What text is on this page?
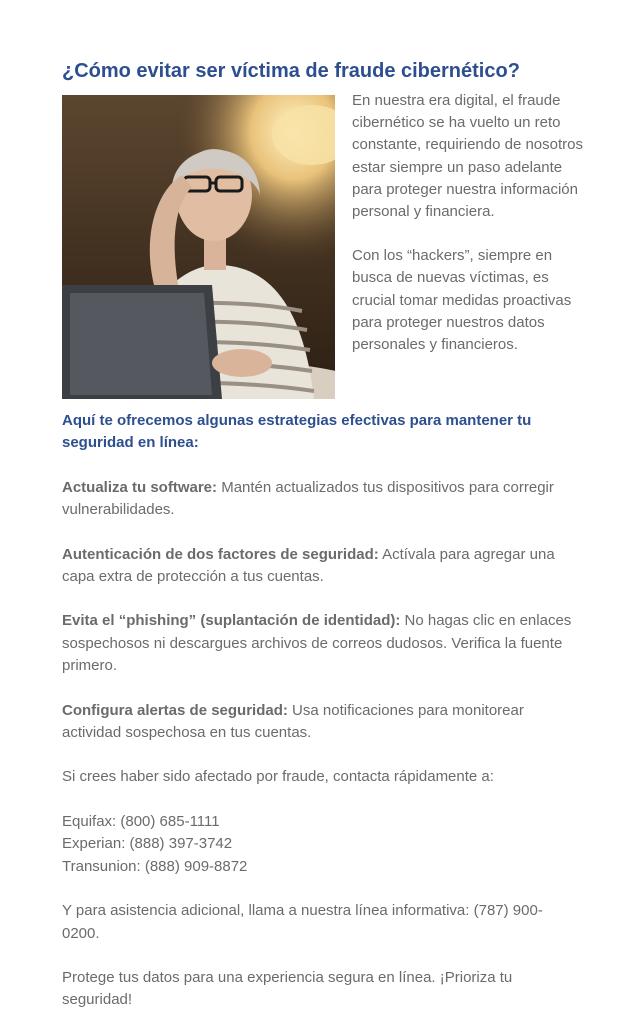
¿Cómo evitar ser víctima de fraude cibernético?

En nuestra era digital, el fraude cibernético se ha vuelto un reto constante, requiriendo de nosotros estar siempre un paso adelante para proteger nuestra información personal y financiera.

Con los “hackers”, siempre en busca de nuevas víctimas, es crucial tomar medidas proactivas para proteger nuestros datos personales y financieros.

Aquí te ofrecemos algunas estrategias efectivas para mantener tu seguridad en línea:

Actualiza tu software: Mantén actualizados tus dispositivos para corregir vulnerabilidades.

Autenticación de dos factores de seguridad: Actívala para agregar una capa extra de protección a tus cuentas.

Evita el “phishing” (suplantación de identidad): No hagas clic en enlaces sospechosos ni descargues archivos de correos dudosos. Verifica la fuente primero.

Configura alertas de seguridad: Usa notificaciones para monitorear actividad sospechosa en tus cuentas.

Si crees haber sido afectado por fraude, contacta rápidamente a:

Equifax: (800) 685-1111
Experian: (888) 397-3742
Transunion: (888) 909-8872

Y para asistencia adicional, llama a nuestra línea informativa: (787) 900-0200.

Protege tus datos para una experiencia segura en línea. ¡Prioriza tu seguridad!
